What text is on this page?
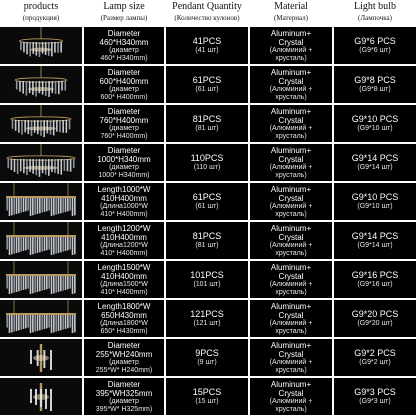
products
(продукция)
Lamp size
(Размер лампы)
Pendant Quantity
(Количество кулонов)
Material
(Материал)
Light bulb
(Лампочка)
Diameter
460*H340mm
(диаметр
460* H340mm)
41PCS
(41 шт)
Aluminum+
Crystal
(Алюминий +
хрусталь)
G9*6 PCS
(G9*6 шт)
Diameter
600*H400mm
(диаметр
600* H400mm)
61PCS
(61 шт)
Aluminum+
Crystal
(Алюминий +
хрусталь)
G9*8 PCS
(G9*8 шт)
Diameter
760*H400mm
(диаметр
760* H400mm)
81PCS
(81 шт)
Aluminum+
Crystal
(Алюминий +
хрусталь)
G9*10 PCS
(G9*10 шт)
Diameter
1000*H340mm
(диаметр
1000* H340mm)
110PCS
(110 шт)
Aluminum+
Crystal
(Алюминий +
хрусталь)
G9*14 PCS
(G9*14 шт)
Length1000*W
410H400mm
(Длина1000*W
410* H400mm)
61PCS
(61 шт)
Aluminum+
Crystal
(Алюминий +
хрусталь)
G9*10 PCS
(G9*10 шт)
Length1200*W
410H400mm
(Длина1200*W
410* H400mm)
81PCS
(81 шт)
Aluminum+
Crystal
(Алюминий +
хрусталь)
G9*14 PCS
(G9*14 шт)
Length1500*W
410H400mm
(Длина1500*W
410* H400mm)
101PCS
(101 шт)
Aluminum+
Crystal
(Алюминий +
хрусталь)
G9*16 PCS
(G9*16 шт)
Length1800*W
650H430mm
(Длина1800*W
650* H430mm)
121PCS
(121 шт)
Aluminum+
Crystal
(Алюминий +
хрусталь)
G9*20 PCS
(G9*20 шт)
Diameter
255*WH240mm
(диаметр
255*W* H240mm)
9PCS
(9 шт)
Aluminum+
Crystal
(Алюминий +
хрусталь)
G9*2 PCS
(G9*2 шт)
Diameter
395*WH325mm
(диаметр
395*W* H325mm)
15PCS
(15 шт)
Aluminum+
Crystal
(Алюминий +
хрусталь)
G9*3 PCS
(G9*3 шт)
